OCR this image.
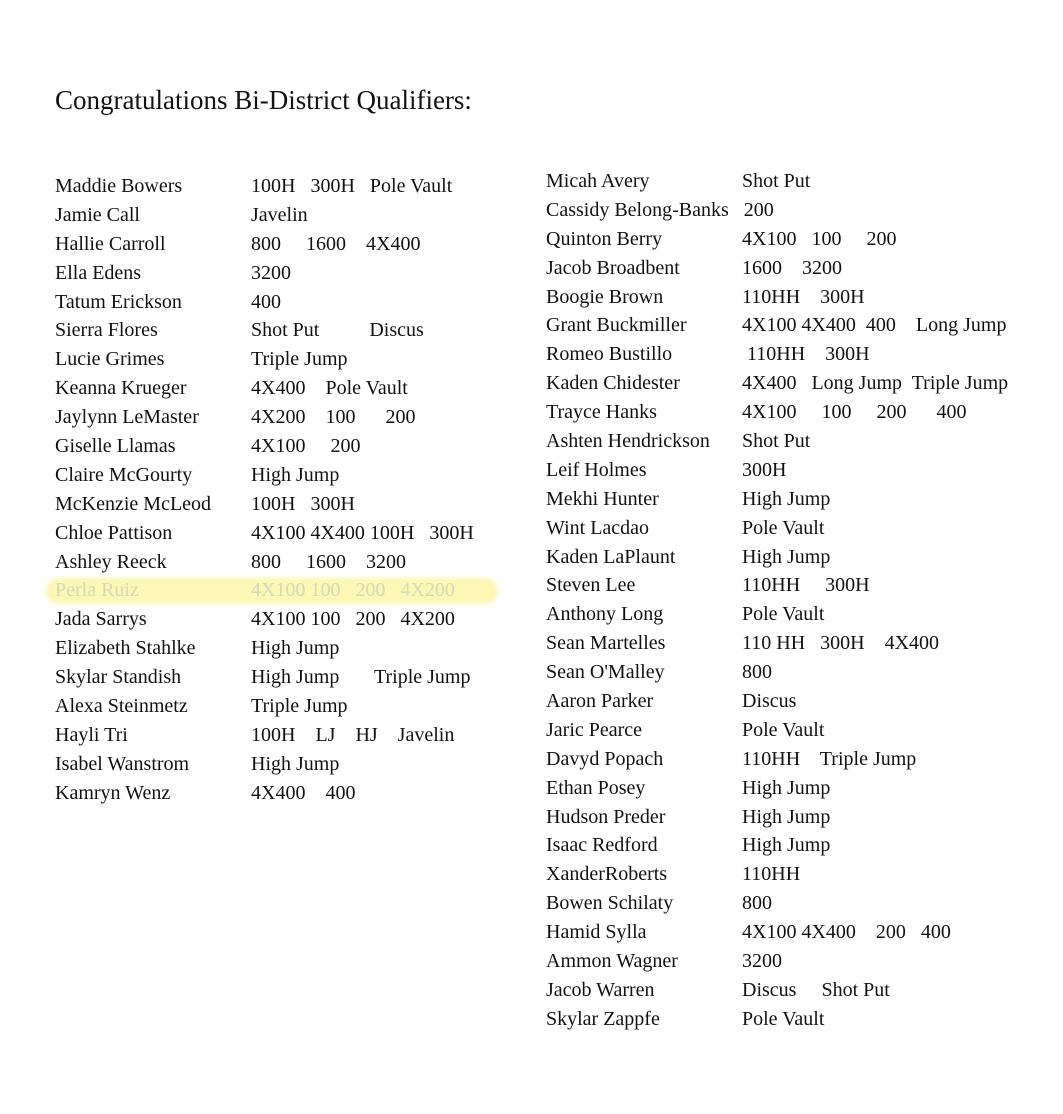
Congratulations Bi-District Qualifiers:
Maddie Bowers	100H   300H   Pole Vault
Jamie Call	Javelin
Hallie Carroll	800     1600    4X400
Ella Edens	3200
Tatum Erickson	400
Sierra Flores	Shot Put          Discus
Lucie Grimes	Triple Jump
Keanna Krueger	4X400    Pole Vault
Jaylynn LeMaster	4X200    100      200
Giselle Llamas	4X100     200
Claire McGourty	High Jump
McKenzie McLeod 100H   300H
Chloe Pattison	4X100 4X400 100H   300H
Ashley Reeck	800     1600    3200
Perla Ruiz	4X100 100   200   4X200
Jada Sarrys	4X100 100   200   4X200
Elizabeth Stahlke	High Jump
Skylar Standish	High Jump       Triple Jump
Alexa Steinmetz	Triple Jump
Hayli Tri	100H    LJ    HJ    Javelin
Isabel Wanstrom	High Jump
Kamryn Wenz	4X400    400
Micah Avery	Shot Put
Cassidy Belong-Banks   200
Quinton Berry	4X100   100     200
Jacob Broadbent	1600    3200
Boogie Brown	110HH    300H
Grant Buckmiller	4X100 4X400  400    Long Jump
Romeo Bustillo	110HH    300H
Kaden Chidester	4X400   Long Jump  Triple Jump
Trayce Hanks	4X100     100     200      400
Ashten Hendrickson Shot Put
Leif Holmes	300H
Mekhi Hunter	High Jump
Wint Lacdao	Pole Vault
Kaden LaPlaunt	High Jump
Steven Lee	110HH     300H
Anthony Long	Pole Vault
Sean Martelles	110 HH   300H    4X400
Sean O'Malley	800
Aaron Parker	Discus
Jaric Pearce	Pole Vault
Davyd Popach	110HH    Triple Jump
Ethan Posey	High Jump
Hudson Preder	High Jump
Isaac Redford	High Jump
XanderRoberts	110HH
Bowen Schilaty	800
Hamid Sylla	4X100 4X400    200   400
Ammon Wagner	3200
Jacob Warren	Discus     Shot Put
Skylar Zappfe	Pole Vault
